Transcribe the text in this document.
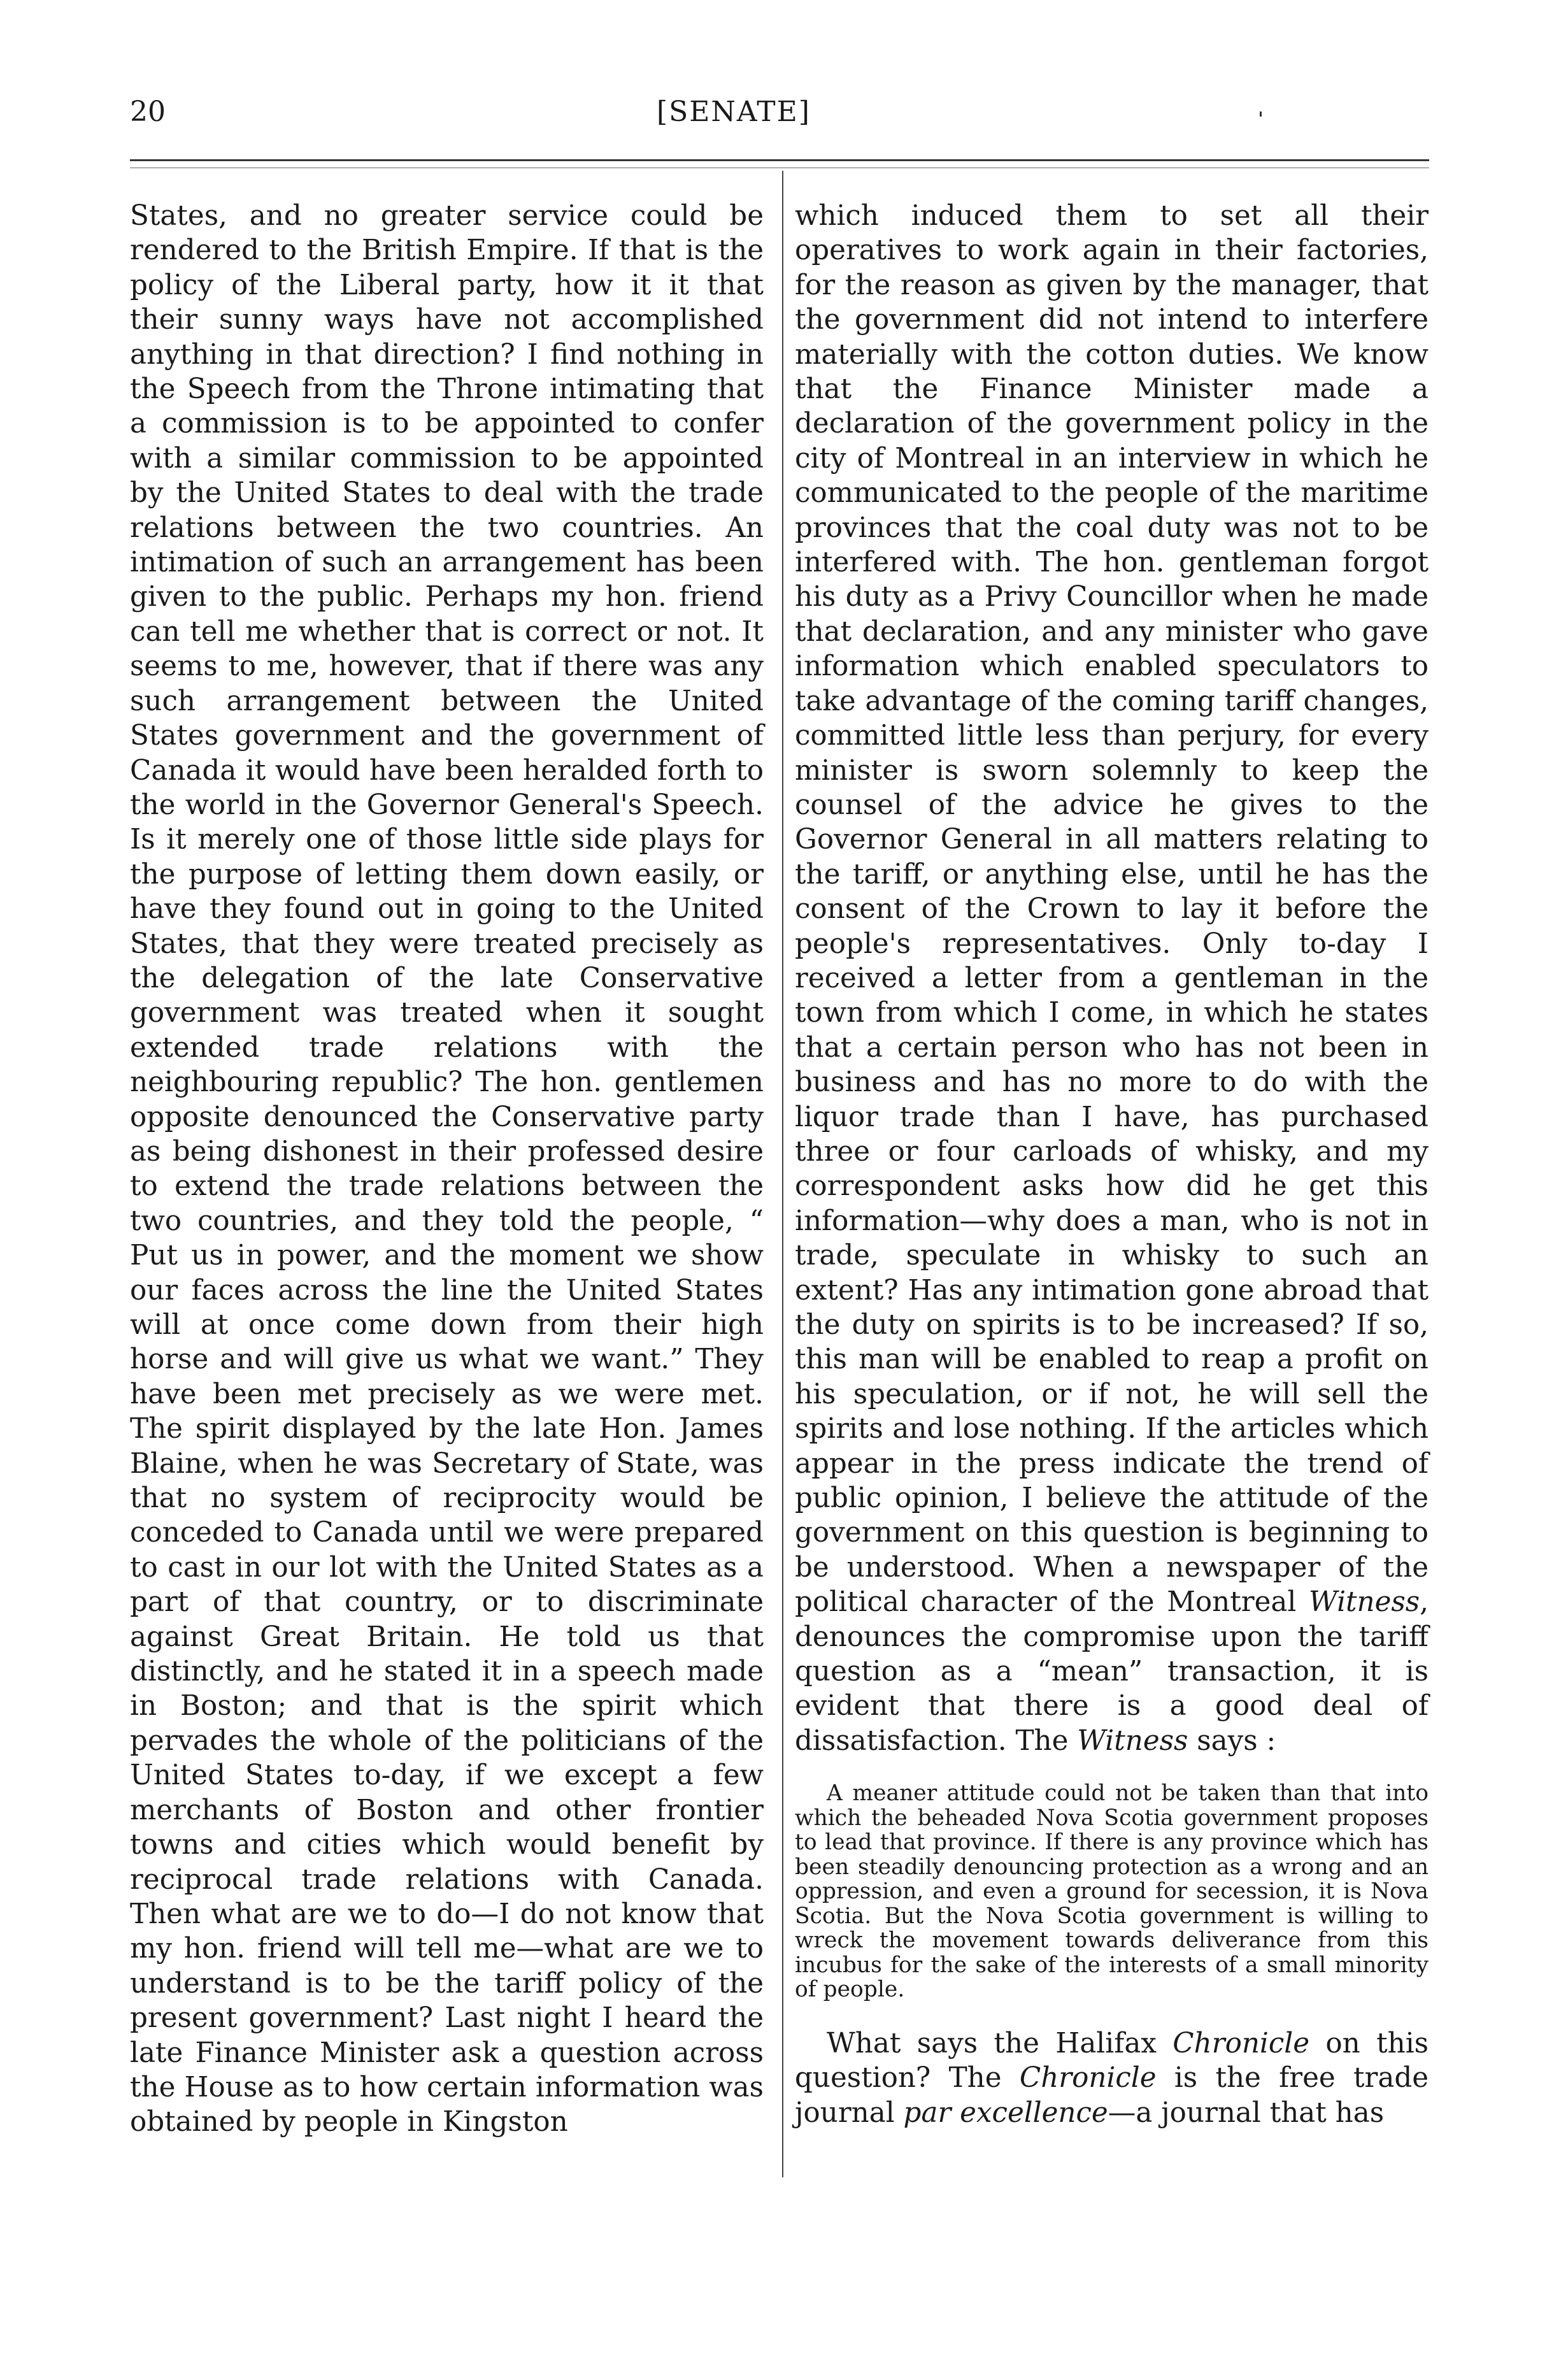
20	[SENATE]

States, and no greater service could be rendered to the British Empire. If that is the policy of the Liberal party, how it it that their sunny ways have not accomplished anything in that direction? I find nothing in the Speech from the Throne intimating that a commission is to be appointed to confer with a similar commission to be appointed by the United States to deal with the trade relations between the two countries. An intimation of such an arrangement has been given to the public. Perhaps my hon. friend can tell me whether that is correct or not. It seems to me, however, that if there was any such arrangement between the United States government and the government of Canada it would have been heralded forth to the world in the Governor General's Speech. Is it merely one of those little side plays for the purpose of letting them down easily, or have they found out in going to the United States, that they were treated precisely as the delegation of the late Conservative government was treated when it sought extended trade relations with the neighbouring republic? The hon. gentlemen opposite denounced the Conservative party as being dishonest in their professed desire to extend the trade relations between the two countries, and they told the people, “ Put us in power, and the moment we show our faces across the line the United States will at once come down from their high horse and will give us what we want.” They have been met precisely as we were met. The spirit displayed by the late Hon. James Blaine, when he was Secretary of State, was that no system of reciprocity would be conceded to Canada until we were prepared to cast in our lot with the United States as a part of that country, or to discriminate against Great Britain. He told us that distinctly, and he stated it in a speech made in Boston; and that is the spirit which pervades the whole of the politicians of the United States to-day, if we except a few merchants of Boston and other frontier towns and cities which would benefit by reciprocal trade relations with Canada. Then what are we to do—I do not know that my hon. friend will tell me—what are we to understand is to be the tariff policy of the present government? Last night I heard the late Finance Minister ask a question across the House as to how certain information was obtained by people in Kingston

which induced them to set all their operatives to work again in their factories, for the reason as given by the manager, that the government did not intend to interfere materially with the cotton duties. We know that the Finance Minister made a declaration of the government policy in the city of Montreal in an interview in which he communicated to the people of the maritime provinces that the coal duty was not to be interfered with. The hon. gentleman forgot his duty as a Privy Councillor when he made that declaration, and any minister who gave information which enabled speculators to take advantage of the coming tariff changes, committed little less than perjury, for every minister is sworn solemnly to keep the counsel of the advice he gives to the Governor General in all matters relating to the tariff, or anything else, until he has the consent of the Crown to lay it before the people's representatives. Only to-day I received a letter from a gentleman in the town from which I come, in which he states that a certain person who has not been in business and has no more to do with the liquor trade than I have, has purchased three or four carloads of whisky, and my correspondent asks how did he get this information—why does a man, who is not in trade, speculate in whisky to such an extent? Has any intimation gone abroad that the duty on spirits is to be increased? If so, this man will be enabled to reap a profit on his speculation, or if not, he will sell the spirits and lose nothing. If the articles which appear in the press indicate the trend of public opinion, I believe the attitude of the government on this question is beginning to be understood. When a newspaper of the political character of the Montreal Witness, denounces the compromise upon the tariff question as a “mean” transaction, it is evident that there is a good deal of dissatisfaction. The Witness says :

A meaner attitude could not be taken than that into which the beheaded Nova Scotia government proposes to lead that province. If there is any province which has been steadily denouncing protection as a wrong and an oppression, and even a ground for secession, it is Nova Scotia. But the Nova Scotia government is willing to wreck the movement towards deliverance from this incubus for the sake of the interests of a small minority of people.

What says the Halifax Chronicle on this question? The Chronicle is the free trade journal par excellence—a journal that has
